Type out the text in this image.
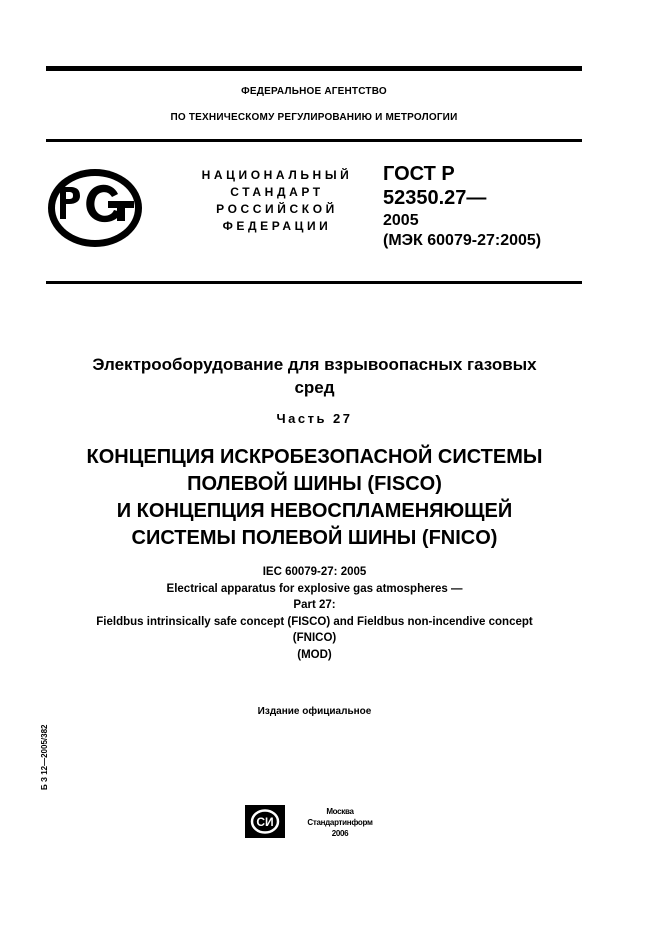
ФЕДЕРАЛЬНОЕ АГЕНТСТВО
ПО ТЕХНИЧЕСКОМУ РЕГУЛИРОВАНИЮ И МЕТРОЛОГИИ
НАЦИОНАЛЬНЫЙ
СТАНДАРТ
РОССИЙСКОЙ
ФЕДЕРАЦИИ
ГОСТ Р
52350.27—
2005
(МЭК 60079-27:2005)
Электрооборудование для взрывоопасных газовых
сред
Часть 27
КОНЦЕПЦИЯ ИСКРОБЕЗОПАСНОЙ СИСТЕМЫ
ПОЛЕВОЙ ШИНЫ (FISCO)
И КОНЦЕПЦИЯ НЕВОСПЛАМЕНЯЮЩЕЙ
СИСТЕМЫ ПОЛЕВОЙ ШИНЫ (FNICO)
IEC 60079-27: 2005
Electrical apparatus for explosive gas atmospheres —
Part 27:
Fieldbus intrinsically safe concept (FISCO) and Fieldbus non-incendive concept
(FNICO)
(MOD)
Издание официальное
Б З 12—2005/382
СИ
Москва
Стандартинформ
2006
